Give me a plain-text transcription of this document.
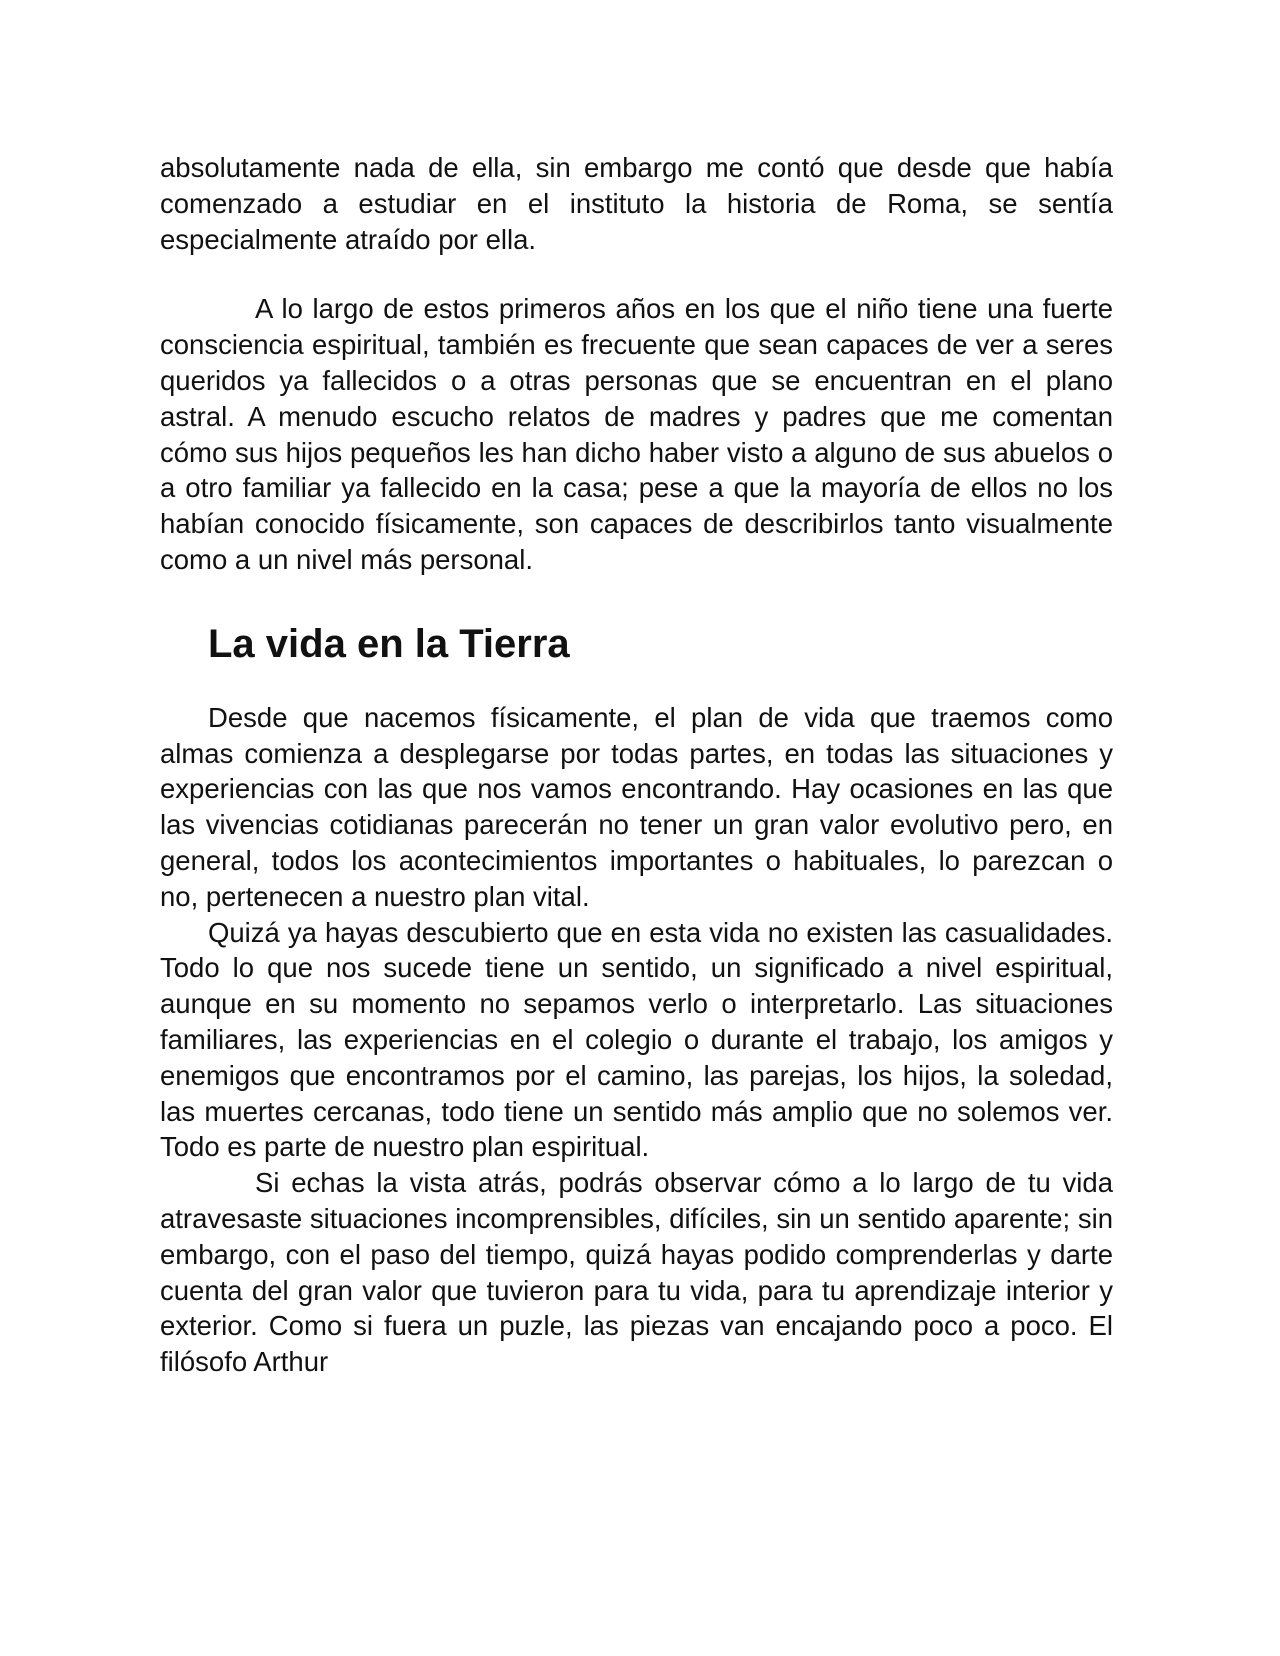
absolutamente nada de ella, sin embargo me contó que desde que había comenzado a estudiar en el instituto la historia de Roma, se sentía especialmente atraído por ella.

A lo largo de estos primeros años en los que el niño tiene una fuerte consciencia espiritual, también es frecuente que sean capaces de ver a seres queridos ya fallecidos o a otras personas que se encuentran en el plano astral. A menudo escucho relatos de madres y padres que me comentan cómo sus hijos pequeños les han dicho haber visto a alguno de sus abuelos o a otro familiar ya fallecido en la casa; pese a que la mayoría de ellos no los habían conocido físicamente, son capaces de describirlos tanto visualmente como a un nivel más personal.

La vida en la Tierra

Desde que nacemos físicamente, el plan de vida que traemos como almas comienza a desplegarse por todas partes, en todas las situaciones y experiencias con las que nos vamos encontrando. Hay ocasiones en las que las vivencias cotidianas parecerán no tener un gran valor evolutivo pero, en general, todos los acontecimientos importantes o habituales, lo parezcan o no, pertenecen a nuestro plan vital.

Quizá ya hayas descubierto que en esta vida no existen las casualidades. Todo lo que nos sucede tiene un sentido, un significado a nivel espiritual, aunque en su momento no sepamos verlo o interpretarlo. Las situaciones familiares, las experiencias en el colegio o durante el trabajo, los amigos y enemigos que encontramos por el camino, las parejas, los hijos, la soledad, las muertes cercanas, todo tiene un sentido más amplio que no solemos ver. Todo es parte de nuestro plan espiritual.

Si echas la vista atrás, podrás observar cómo a lo largo de tu vida atravesaste situaciones incomprensibles, difíciles, sin un sentido aparente; sin embargo, con el paso del tiempo, quizá hayas podido comprenderlas y darte cuenta del gran valor que tuvieron para tu vida, para tu aprendizaje interior y exterior. Como si fuera un puzle, las piezas van encajando poco a poco. El filósofo Arthur
